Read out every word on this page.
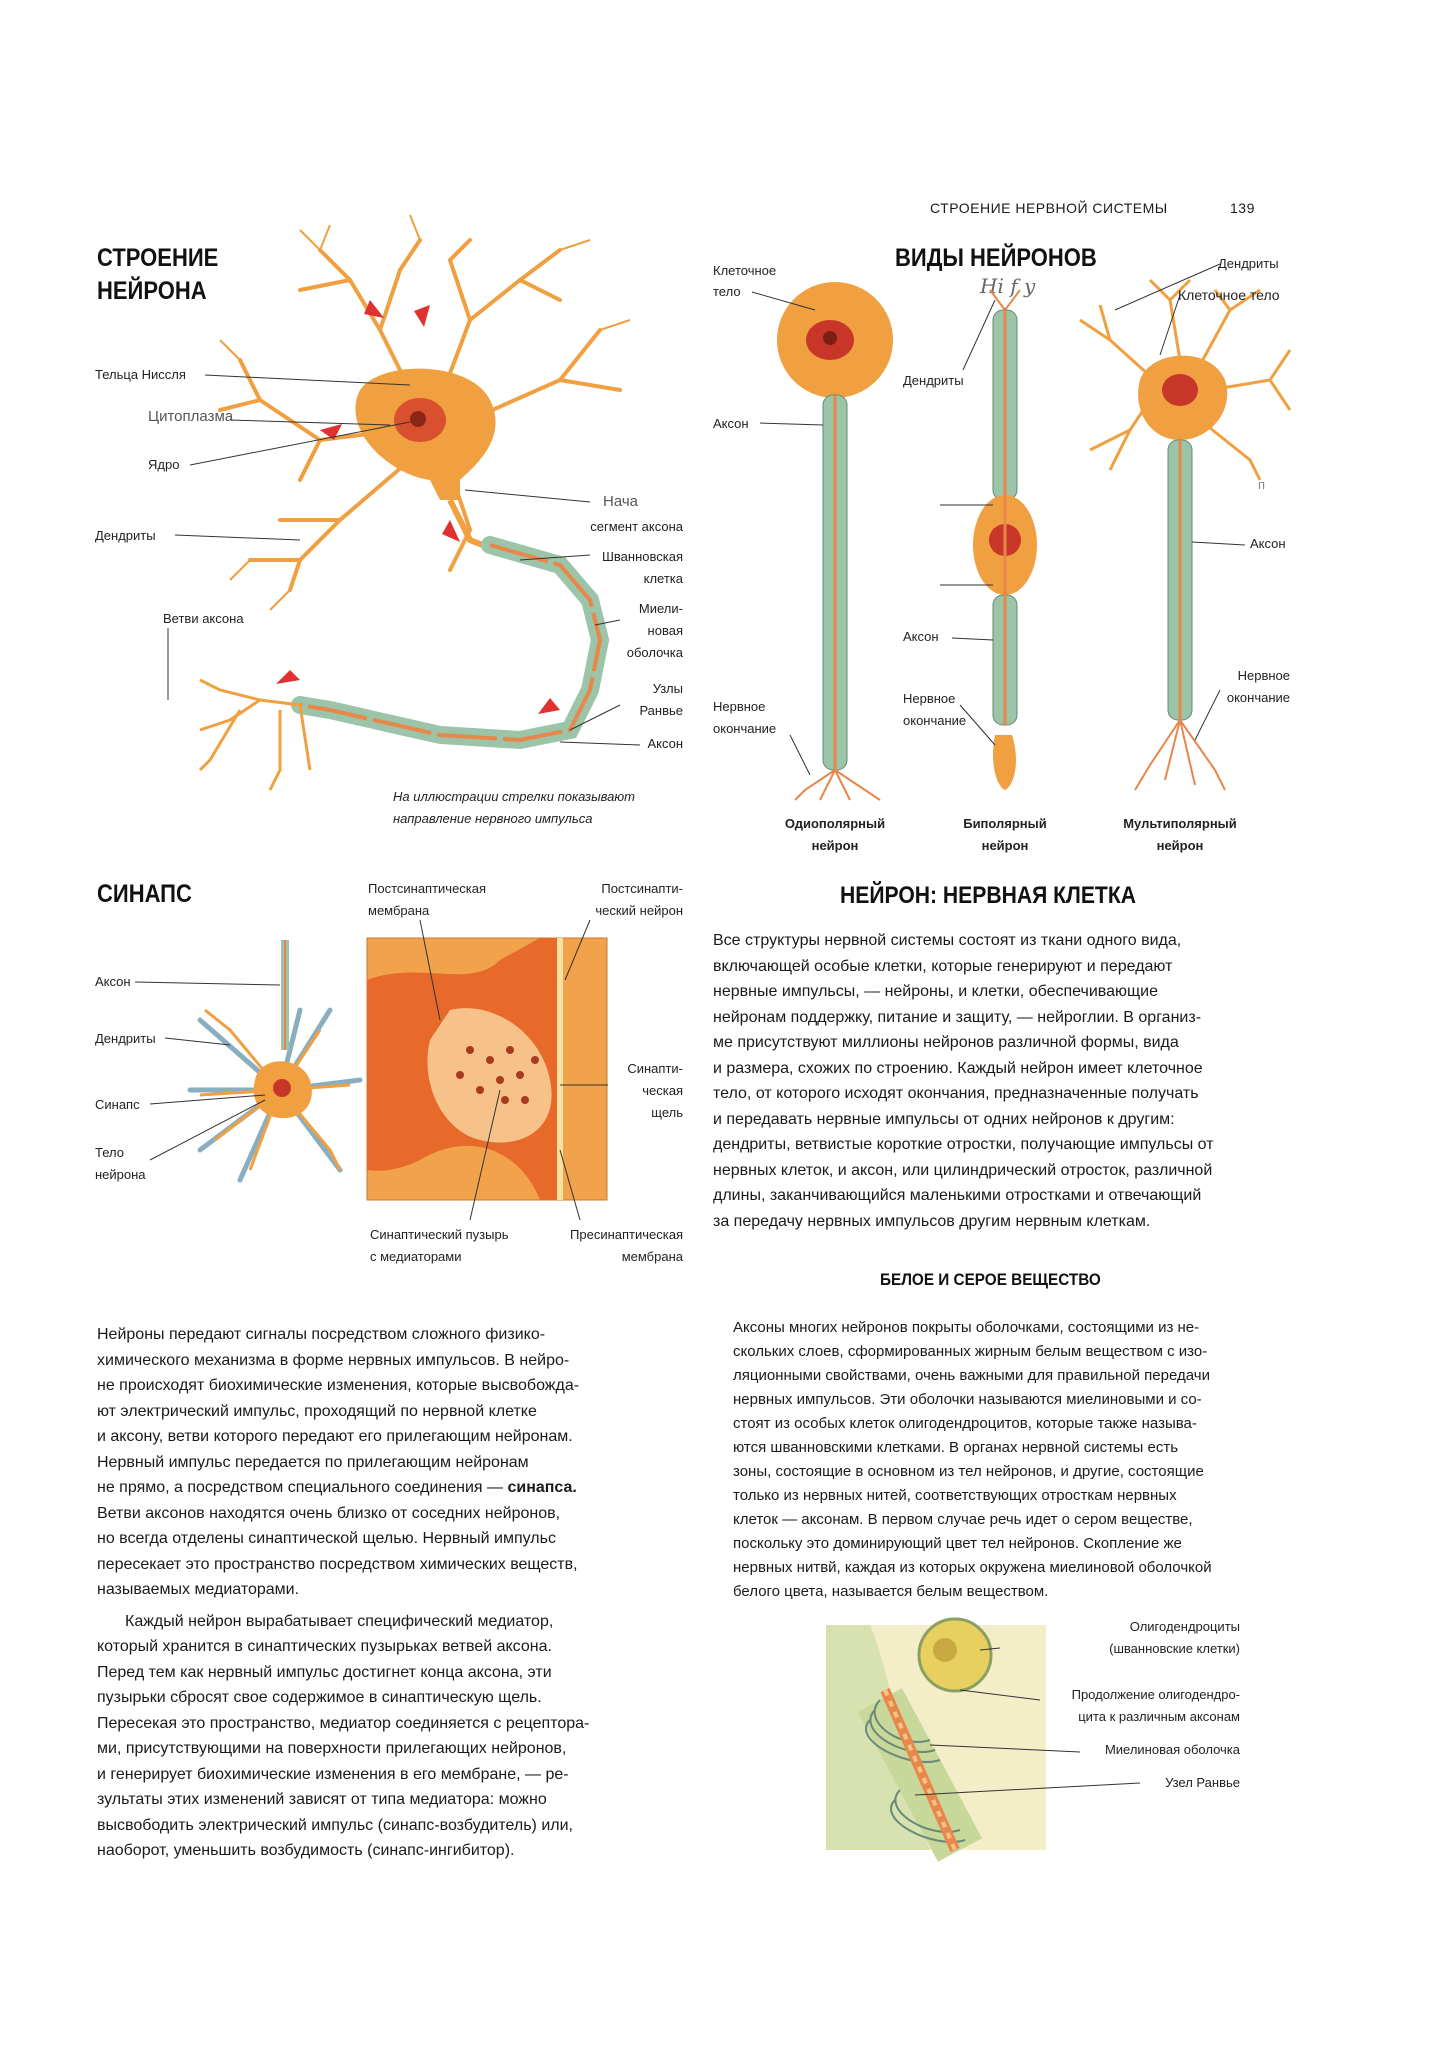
СТРОЕНИЕ НЕРВНОЙ СИСТЕМЫ	139
СТРОЕНИЕ
НЕЙРОНА
Тельца Ниссля
Цитоплазма
Ядро
Дендриты
Ветви аксона
Нача
сегмент аксона
Шванновская
клетка
Миели-
новая
оболочка
Узлы
Ранвье
Аксон
На иллюстрации стрелки показывают
направление нервного импульса
ВИДЫ НЕЙРОНОВ
Hi f y
Клеточное
тело
Аксон
Нервное
окончание
Дендриты
Аксон
Нервное
окончание
Дендриты
Клеточное тело
п
Аксон
Нервное
окончание
Одиополярный
нейрон
Биполярный
нейрон
Мультиполярный
нейрон
СИНАПС
Аксон
Дендриты
Синапс
Тело
нейрона
Постсинаптическая
мембрана
Постсинапти-
ческий нейрон
Синапти-
ческая
щель
Синаптический пузырь
с медиаторами
Пресинаптическая
мембрана
НЕЙРОН: НЕРВНАЯ КЛЕТКА

Все структуры нервной системы состоят из ткани одного вида,

включающей особые клетки, которые генерируют и передают

нервные импульсы, — нейроны, и клетки, обеспечивающие

нейронам поддержку, питание и защиту, — нейроглии. В организ-

ме присутствуют миллионы нейронов различной формы, вида

и размера, схожих по строению. Каждый нейрон имеет клеточное

тело, от которого исходят окончания, предназначенные получать

и передавать нервные импульсы от одних нейронов к другим:

дендриты, ветвистые короткие отростки, получающие импульсы от

нервных клеток, и аксон, или цилиндрический отросток, различной

длины, заканчивающийся маленькими отростками и отвечающий

за передачу нервных импульсов другим нервным клеткам.

БЕЛОЕ И СЕРОЕ ВЕЩЕСТВО

Аксоны многих нейронов покрыты оболочками, состоящими из не-

скольких слоев, сформированных жирным белым веществом с изо-

ляционными свойствами, очень важными для правильной передачи

нервных импульсов. Эти оболочки называются миелиновыми и со-

стоят из особых клеток олигодендроцитов, которые также называ-

ются шванновскими клетками. В органах нервной системы есть

зоны, состоящие в основном из тел нейронов, и другие, состоящие

только из нервных нитей, соответствующих отросткам нервных

клеток — аксонам. В первом случае речь идет о сером веществе,

поскольку это доминирующий цвет тел нейронов. Скопление же

нервных нитвй, каждая из которых окружена миелиновой оболочкой

белого цвета, называется белым веществом.

Олигодендроциты
(шванновские клетки)
Продолжение олигодендро-
цита к различным аксонам
Миелиновая оболочка
Узел Ранвье

Нейроны передают сигналы посредством сложного физико-

химического механизма в форме нервных импульсов. В нейро-

не происходят биохимические изменения, которые высвобожда-

ют электрический импульс, проходящий по нервной клетке

и аксону, ветви которого передают его прилегающим нейронам.

Нервный импульс передается по прилегающим нейронам

не прямо, а посредством специального соединения — синапса.

Ветви аксонов находятся очень близко от соседних нейронов,

но всегда отделены синаптической щелью. Нервный импульс

пересекает это пространство посредством химических веществ,

называемых медиаторами.

Каждый нейрон вырабатывает специфический медиатор,

который хранится в синаптических пузырьках ветвей аксона.

Перед тем как нервный импульс достигнет конца аксона, эти

пузырьки сбросят свое содержимое в синаптическую щель.

Пересекая это пространство, медиатор соединяется с рецептора-

ми, присутствующими на поверхности прилегающих нейронов,

и генерирует биохимические изменения в его мембране, — ре-

зультаты этих изменений зависят от типа медиатора: можно

высвободить электрический импульс (синапс-возбудитель) или,

наоборот, уменьшить возбудимость (синапс-ингибитор).
